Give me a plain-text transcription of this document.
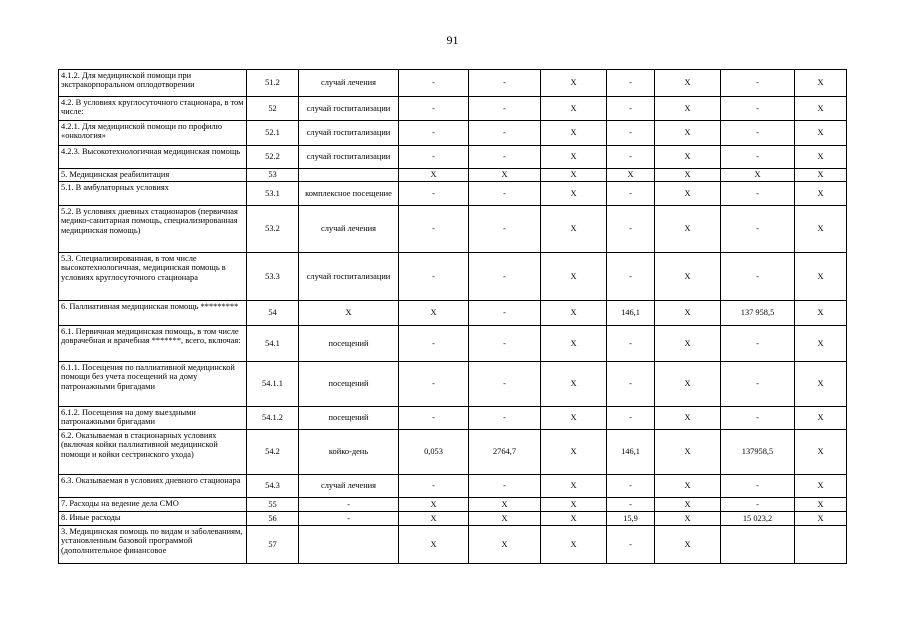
91
4.1.2. Для медицинской помощи при экстракорпоральном оплодотворении	51.2	случай лечения	-	-	Х	-	Х	-	Х
4.2. В условиях круглосуточного стационара, в том числе:	52	случай госпитализации	-	-	Х	-	Х	-	Х
4.2.1. Для медицинской помощи по профилю «онкология»	52.1	случай госпитализации	-	-	Х	-	Х	-	Х
4.2.3. Высокотехнологичная медицинская помощь	52.2	случай госпитализации	-	-	Х	-	Х	-	Х
5. Медицинская реабилитация	53		Х	Х	Х	Х	Х	Х	Х
5.1. В амбулаторных условиях	53.1	комплексное посещение	-	-	Х	-	Х	-	Х
5.2. В условиях дневных стационаров (первичная медико-санитарная помощь, специализированная медицинская помощь)	53.2	случай лечения	-	-	Х	-	Х	-	Х
5.3. Специализированная, в том числе высокотехнологичная, медицинская помощь в условиях круглосуточного стационара	53.3	случай госпитализации	-	-	Х	-	Х	-	Х
6. Паллиативная медицинская помощь *********	54	Х	Х	-	Х	146,1	Х	137 958,5	Х
6.1. Первичная медицинская помощь, в том числе доврачебная и врачебная *******, всего, включая:	54.1	посещений	-	-	Х	-	Х	-	Х
6.1.1. Посещения по паллиативной медицинской помощи без учета посещений на дому патронажными бригадами	54.1.1	посещений	-	-	Х	-	Х	-	Х
6.1.2. Посещения на дому выездными патронажными бригадами	54.1.2	посещений	-	-	Х	-	Х	-	Х
6.2. Оказываемая в стационарных условиях (включая койки паллиативной медицинской помощи и койки сестринского ухода)	54.2	койко-день	0,053	2764,7	Х	146,1	Х	137958,5	Х
6.3. Оказываемая в условиях дневного стационара	54.3	случай лечения	-	-	Х	-	Х	-	Х
7. Расходы на ведение дела СМО	55	-	Х	Х	Х	-	Х	-	Х
8. Иные расходы	56	-	Х	Х	Х	15,9	Х	15 023,2	Х
3. Медицинская помощь по видам и заболеваниям, установленным базовой программой (дополнительное финансовое	57		Х	Х	Х	-	Х		
